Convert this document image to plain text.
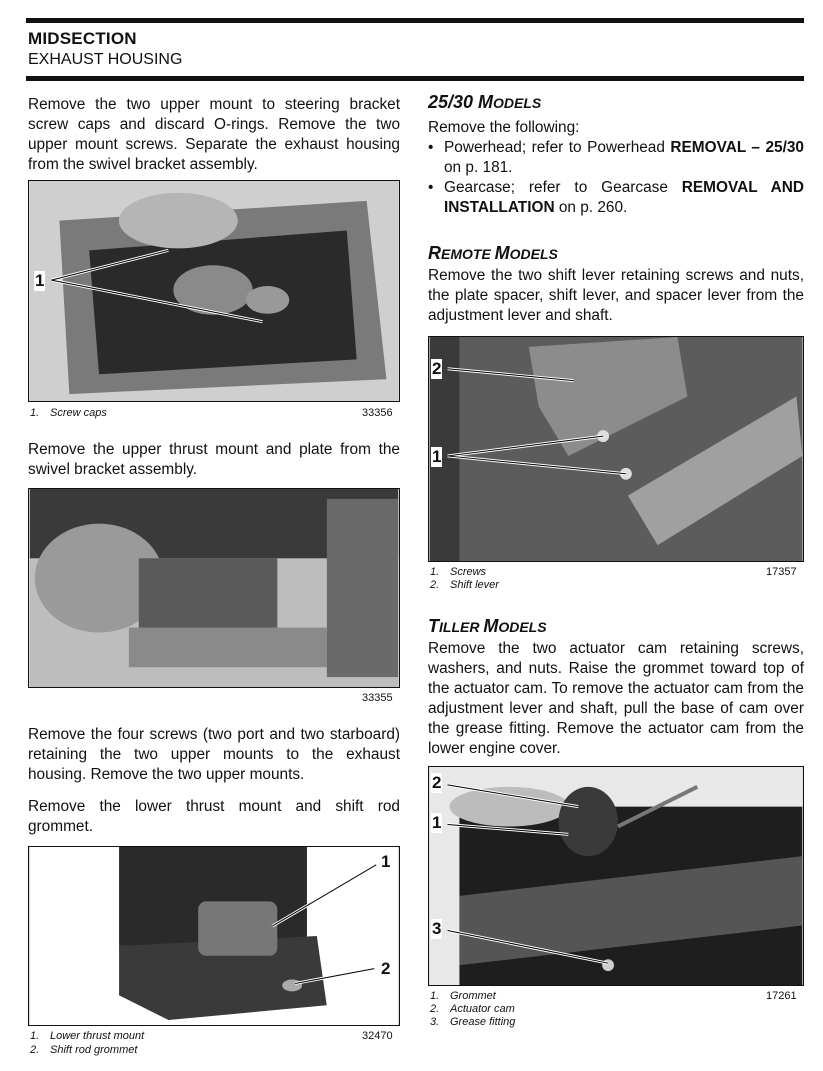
MIDSECTION
EXHAUST HOUSING

Remove the two upper mount to steering bracket screw caps and discard O-rings. Remove the two upper mount screws. Separate the exhaust housing from the swivel bracket assembly.

1
1. Screw caps	33356

Remove the upper thrust mount and plate from the swivel bracket assembly.

33355

Remove the four screws (two port and two starboard) retaining the two upper mounts to the exhaust housing. Remove the two upper mounts.

Remove the lower thrust mount and shift rod grommet.

1
2
1. Lower thrust mount
2. Shift rod grommet
32470
25/30 MODELS

Remove the following:

• Powerhead; refer to Powerhead REMOVAL – 25/30 on p. 181.
• Gearcase; refer to Gearcase REMOVAL AND INSTALLATION on p. 260.
REMOTE MODELS

Remove the two shift lever retaining screws and nuts, the plate spacer, shift lever, and spacer lever from the adjustment lever and shaft.

2
1
1. Screws
2. Shift lever
17357
TILLER MODELS

Remove the two actuator cam retaining screws, washers, and nuts. Raise the grommet toward top of the actuator cam. To remove the actuator cam from the adjustment lever and shaft, pull the base of cam over the grease fitting. Remove the actuator cam from the lower engine cover.

2
1
3
1. Grommet
2. Actuator cam
3. Grease fitting
17261
